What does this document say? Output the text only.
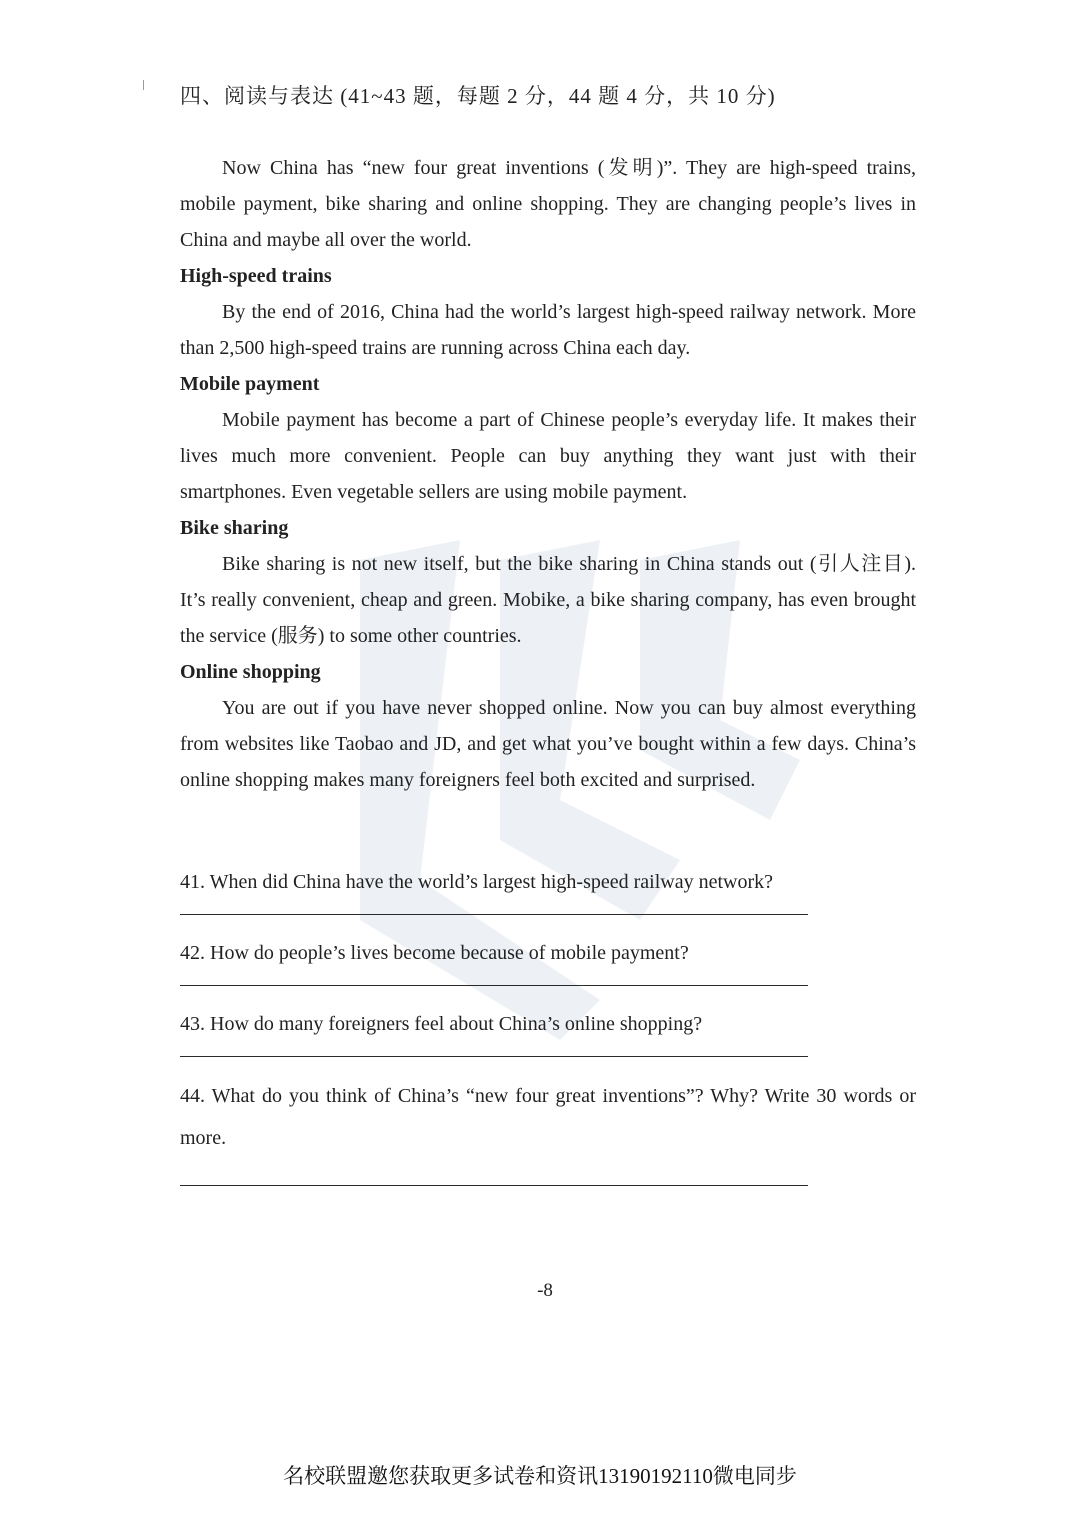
四、阅读与表达 (41~43 题，每题 2 分，44 题 4 分，共 10 分)

Now China has “new four great inventions (发明)”. They are high-speed trains, mobile payment, bike sharing and online shopping. They are changing people’s lives in China and maybe all over the world.

High-speed trains

By the end of 2016, China had the world’s largest high-speed railway network. More than 2,500 high-speed trains are running across China each day.

Mobile payment

Mobile payment has become a part of Chinese people’s everyday life. It makes their lives much more convenient. People can buy anything they want just with their smartphones. Even vegetable sellers are using mobile payment.

Bike sharing

Bike sharing is not new itself, but the bike sharing in China stands out (引人注目). It’s really convenient, cheap and green. Mobike, a bike sharing company, has even brought the service (服务) to some other countries.

Online shopping

You are out if you have never shopped online. Now you can buy almost everything from websites like Taobao and JD, and get what you’ve bought within a few days. China’s online shopping makes many foreigners feel both excited and surprised.

41. When did China have the world’s largest high-speed railway network?

42. How do people’s lives become because of mobile payment?

43. How do many foreigners feel about China’s online shopping?

44. What do you think of China’s “new four great inventions”? Why? Write 30 words or more.

-8
名校联盟邀您获取更多试卷和资讯13190192110微电同步
